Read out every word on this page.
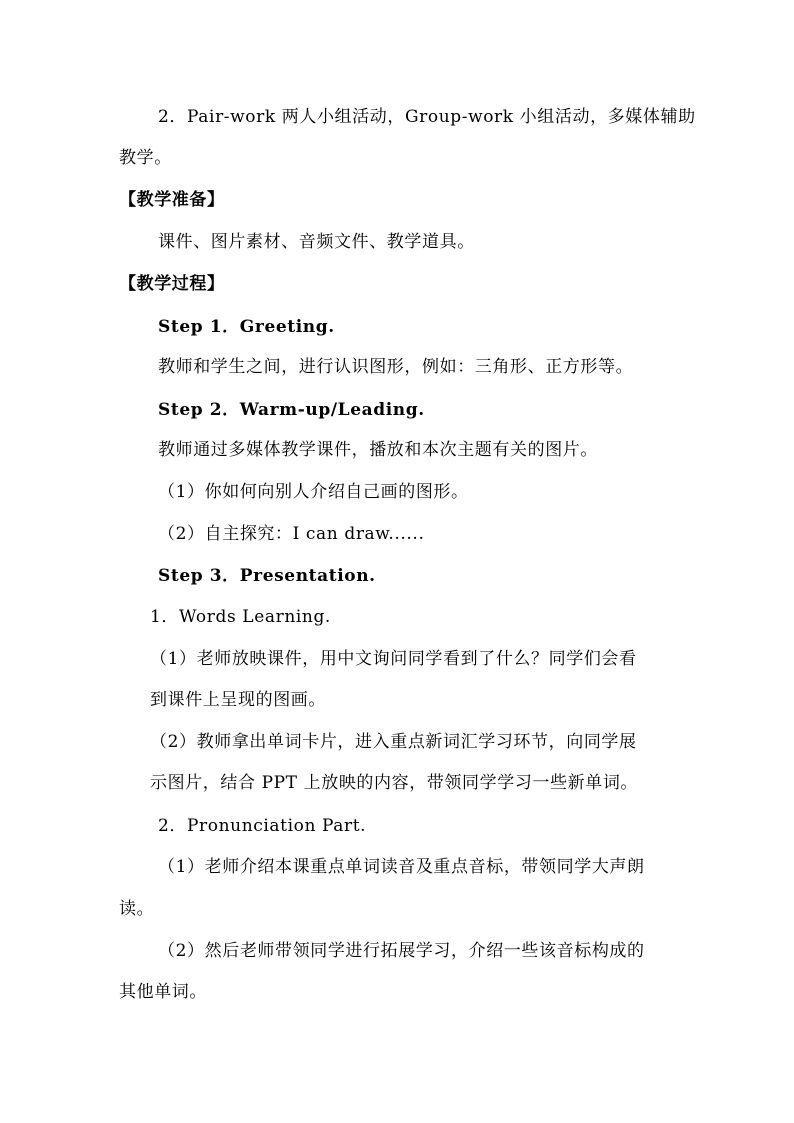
2．Pair-work 两人小组活动，Group-work 小组活动，多媒体辅助
教学。
【教学准备】
课件、图片素材、音频文件、教学道具。
【教学过程】
Step 1．Greeting.
教师和学生之间，进行认识图形，例如：三角形、正方形等。
Step 2．Warm-up/Leading.
教师通过多媒体教学课件，播放和本次主题有关的图片。
（1）你如何向别人介绍自己画的图形。
（2）自主探究：I can draw......
Step 3．Presentation.
1．Words Learning.
（1）老师放映课件，用中文询问同学看到了什么？同学们会看
到课件上呈现的图画。
（2）教师拿出单词卡片，进入重点新词汇学习环节，向同学展
示图片，结合 PPT 上放映的内容，带领同学学习一些新单词。
2．Pronunciation Part.
（1）老师介绍本课重点单词读音及重点音标，带领同学大声朗
读。
（2）然后老师带领同学进行拓展学习，介绍一些该音标构成的
其他单词。
